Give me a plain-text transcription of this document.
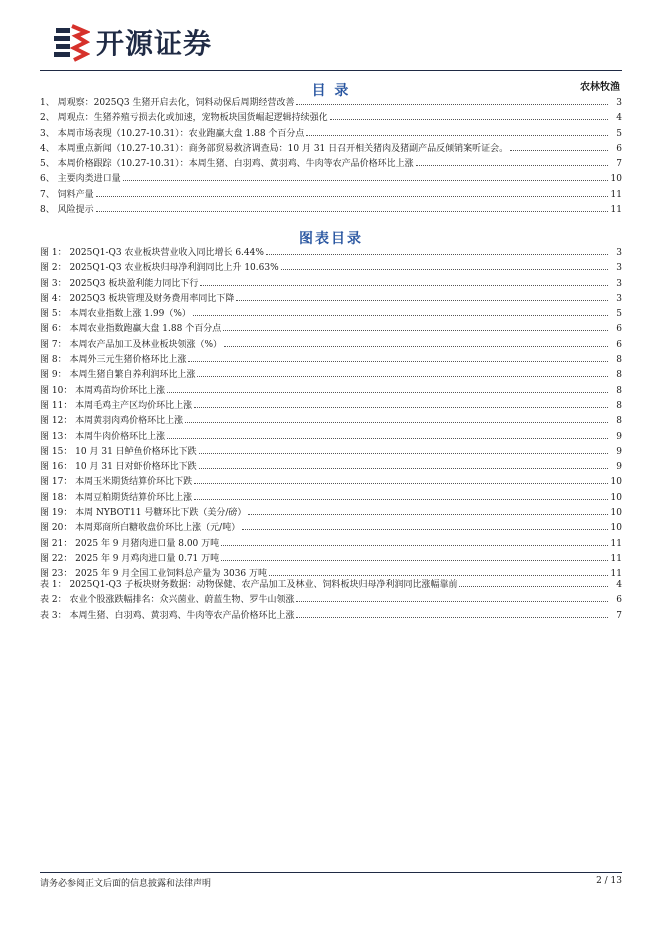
开源证券
农林牧渔
目 录
1、 周观察：2025Q3 生猪开启去化，饲料动保后周期经营改善	3
2、 周观点：生猪养殖亏损去化或加速，宠物板块国货崛起逻辑持续强化	4
3、 本周市场表现（10.27-10.31）：农业跑赢大盘 1.88 个百分点	5
4、 本周重点新闻（10.27-10.31）：商务部贸易救济调查局：10 月 31 日召开相关猪肉及猪副产品反倾销案听证会。	6
5、 本周价格跟踪（10.27-10.31）：本周生猪、白羽鸡、黄羽鸡、牛肉等农产品价格环比上涨	7
6、 主要肉类进口量	10
7、 饲料产量	11
8、 风险提示	11
图表目录
图 1： 2025Q1-Q3 农业板块营业收入同比增长 6.44%	3
图 2： 2025Q1-Q3 农业板块归母净利润同比上升 10.63%	3
图 3： 2025Q3 板块盈利能力同比下行	3
图 4： 2025Q3 板块管理及财务费用率同比下降	3
图 5： 本周农业指数上涨 1.99（%）	5
图 6： 本周农业指数跑赢大盘 1.88 个百分点	6
图 7： 本周农产品加工及林业板块领涨（%）	6
图 8： 本周外三元生猪价格环比上涨	8
图 9： 本周生猪自繁自养利润环比上涨	8
图 10： 本周鸡苗均价环比上涨	8
图 11： 本周毛鸡主产区均价环比上涨	8
图 12： 本周黄羽肉鸡价格环比上涨	8
图 13： 本周牛肉价格环比上涨	9
图 15： 10 月 31 日鲈鱼价格环比下跌	9
图 16： 10 月 31 日对虾价格环比下跌	9
图 17： 本周玉米期货结算价环比下跌	10
图 18： 本周豆粕期货结算价环比上涨	10
图 19： 本周 NYBOT11 号糖环比下跌（美分/磅）	10
图 20： 本周郑商所白糖收盘价环比上涨（元/吨）	10
图 21： 2025 年 9 月猪肉进口量 8.00 万吨	11
图 22： 2025 年 9 月鸡肉进口量 0.71 万吨	11
图 23： 2025 年 9 月全国工业饲料总产量为 3036 万吨	11
表 1： 2025Q1-Q3 子板块财务数据：动物保健、农产品加工及林业、饲料板块归母净利润同比涨幅靠前	4
表 2： 农业个股涨跌幅排名：众兴菌业、蔚蓝生物、罗牛山领涨	6
表 3： 本周生猪、白羽鸡、黄羽鸡、牛肉等农产品价格环比上涨	7
请务必参阅正文后面的信息披露和法律声明	2 / 13
